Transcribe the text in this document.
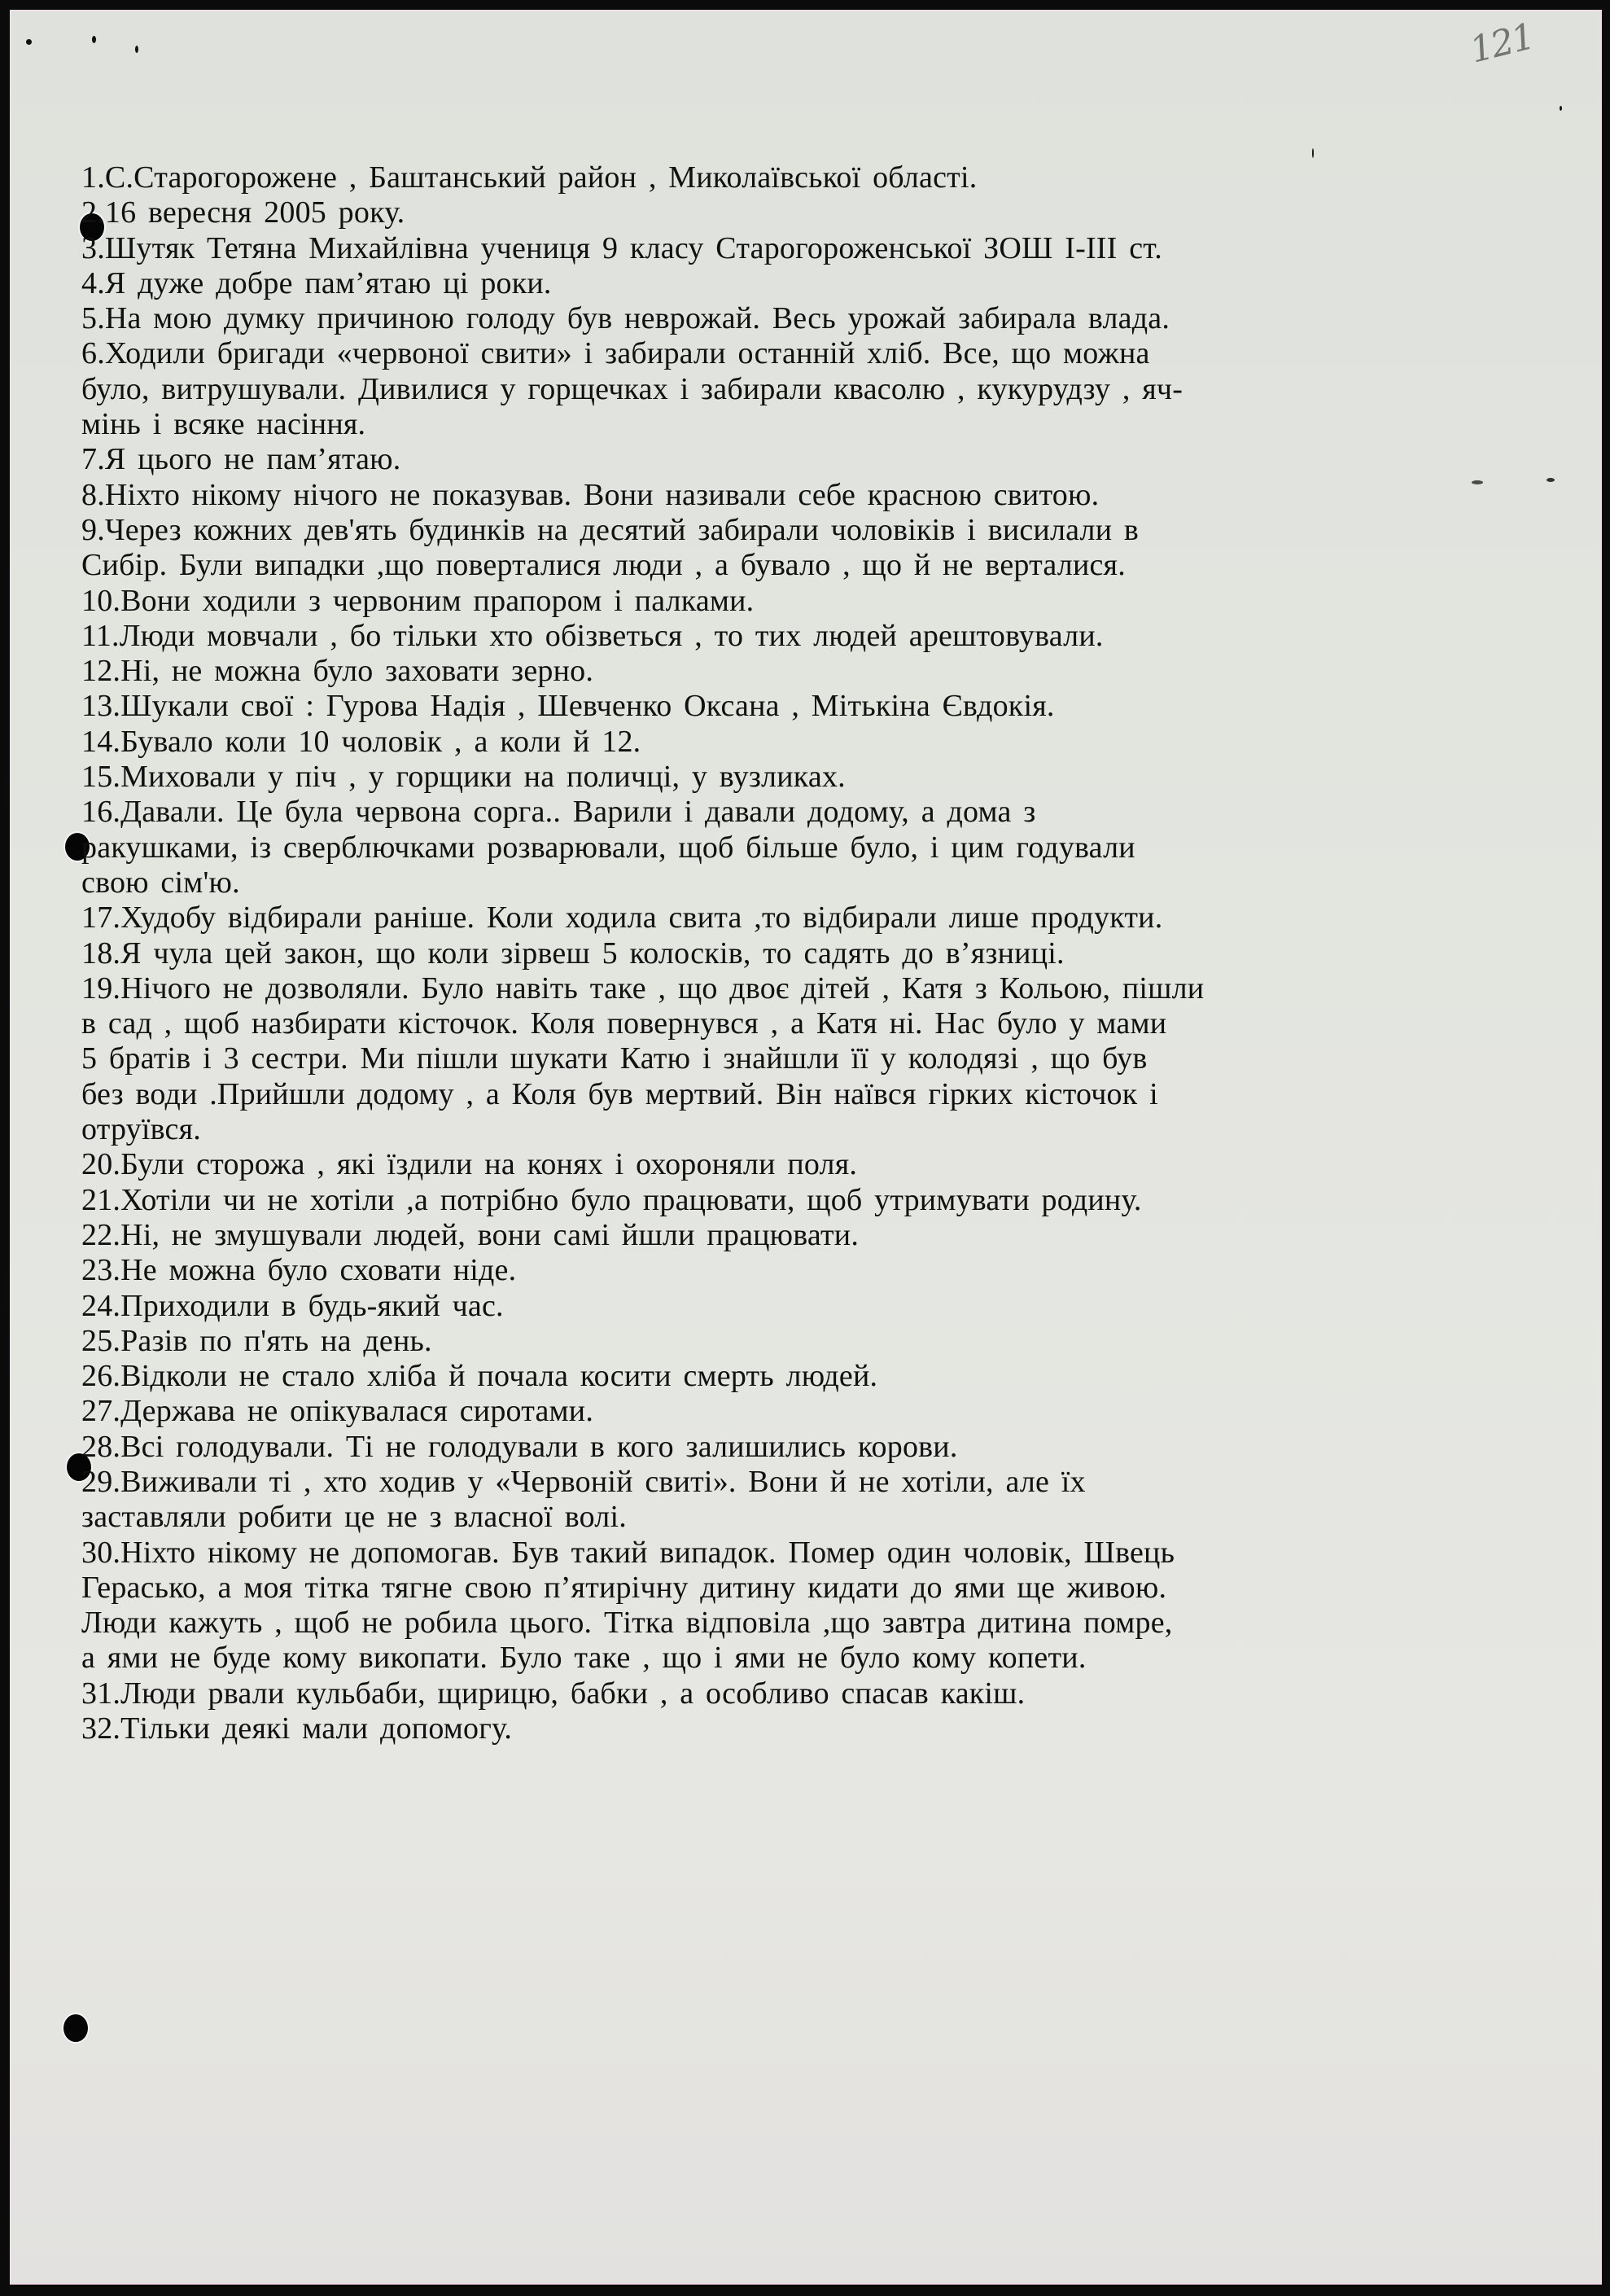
121
1.С.Старогорожене , Баштанський район , Миколаївської області.
2.16 вересня 2005 року.
3.Шутяк Тетяна Михайлівна учениця 9 класу Старогороженської ЗОШ І-ІІІ ст.
4.Я дуже добре пам’ятаю ці роки.
5.На мою думку причиною голоду був неврожай. Весь урожай забирала влада.
6.Ходили бригади «червоної свити» і забирали останній хліб. Все, що можна
було, витрушували. Дивилися у горщечках і забирали квасолю , кукурудзу , яч-
мінь і всяке насіння.
7.Я цього не пам’ятаю.
8.Ніхто нікому нічого не показував. Вони називали себе красною свитою.
9.Через кожних дев'ять будинків на десятий забирали чоловіків і висилали в
Сибір. Були випадки ,що поверталися люди , а бувало , що й не верталися.
10.Вони ходили з червоним прапором і палками.
11.Люди мовчали , бо тільки хто обізветься , то тих людей арештовували.
12.Ні, не можна було заховати зерно.
13.Шукали свої : Гурова Надія , Шевченко Оксана , Мітькіна Євдокія.
14.Бувало коли 10 чоловік , а коли й 12.
15.Миховали у піч , у горщики на поличці, у вузликах.
16.Давали. Це була червона сорга.. Варили і давали додому, а дома з
ракушками, із сверблючками розварювали, щоб більше було, і цим годували
свою сім'ю.
17.Худобу відбирали раніше. Коли ходила свита ,то відбирали лише продукти.
18.Я чула цей закон, що коли зірвеш 5 колосків, то садять до в’язниці.
19.Нічого не дозволяли. Було навіть таке , що двоє дітей , Катя з Кольою, пішли
в сад , щоб назбирати кісточок. Коля повернувся , а Катя ні. Нас було у мами
5 братів і 3 сестри. Ми пішли шукати Катю і знайшли її у колодязі , що був
без води .Прийшли додому , а Коля був мертвий. Він наївся гірких кісточок і
отруївся.
20.Були сторожа , які їздили на конях і охороняли поля.
21.Хотіли чи не хотіли ,а потрібно було працювати, щоб утримувати родину.
22.Ні, не змушували людей, вони самі йшли працювати.
23.Не можна було сховати ніде.
24.Приходили в будь-який час.
25.Разів по п'ять на день.
26.Відколи не стало хліба й почала косити смерть людей.
27.Держава не опікувалася сиротами.
28.Всі голодували. Ті не голодували в кого залишились корови.
29.Виживали ті , хто ходив у «Червоній свиті». Вони й не хотіли, але їх
заставляли робити це не з власної волі.
30.Ніхто нікому не допомогав. Був такий випадок. Помер один чоловік, Швець
Герасько, а моя тітка тягне свою п’ятирічну дитину кидати до ями ще живою.
Люди кажуть , щоб не робила цього. Тітка відповіла ,що завтра дитина помре,
а ями не буде кому викопати. Було таке , що і ями не було кому копети.
31.Люди рвали кульбаби, щирицю, бабки , а особливо спасав какіш.
32.Тільки деякі мали допомогу.
